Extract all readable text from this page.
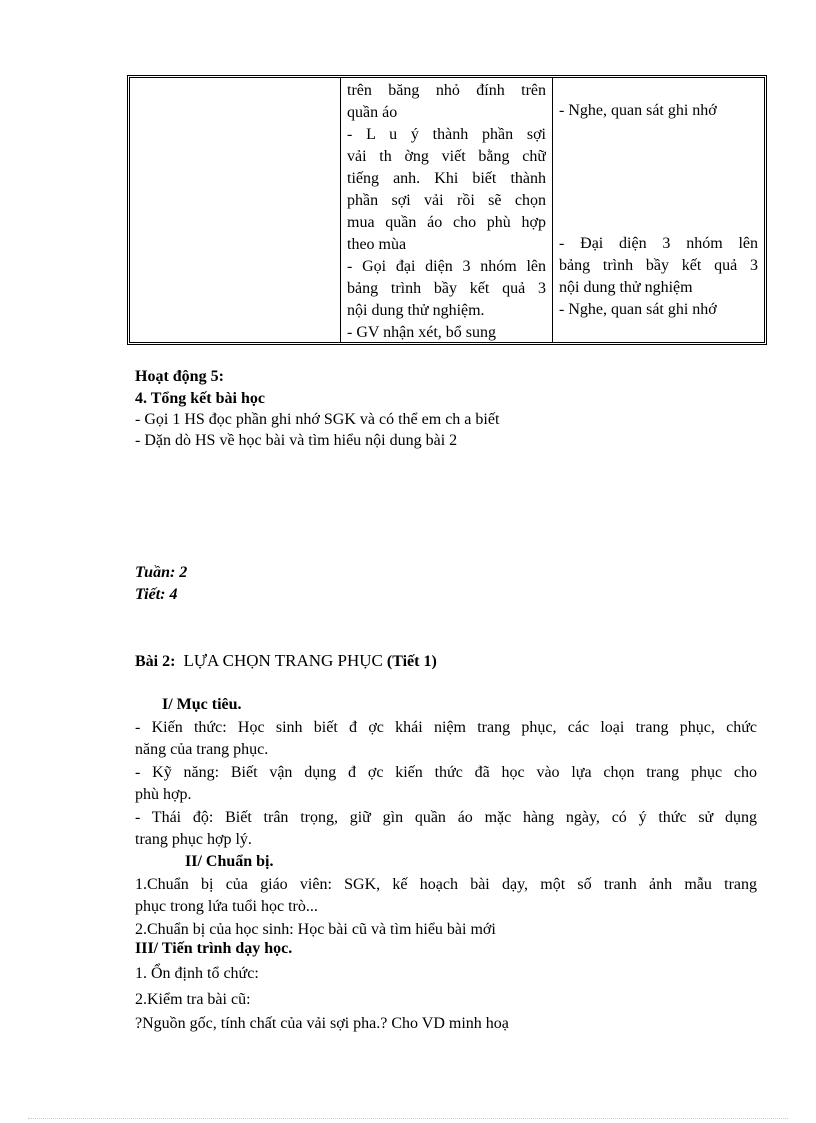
trên băng nhỏ đính trên
quần áo
- L u ý thành phần sợi
vải th ờng viết bằng chữ
tiếng anh. Khi biết thành
phần sợi vải rồi sẽ chọn
mua quần áo cho phù hợp
theo mùa
- Gọi đại diện 3 nhóm lên
bảng trình bầy kết quả 3
nội dung thử nghiệm.
- GV nhận xét, bổ sung
- Nghe, quan sát ghi nhớ
- Đại diện 3 nhóm lên
bảng trình bầy kết quả 3
nội dung thử nghiệm
- Nghe, quan sát ghi nhớ
Hoạt động 5:
4. Tổng kết bài học
- Gọi 1 HS đọc phần ghi nhớ SGK và có thể em ch a biết
- Dặn dò HS về học bài và tìm hiểu nội dung bài 2
Tuần: 2
Tiết: 4
Bài 2: LỰA CHỌN TRANG PHỤC (Tiết 1)
I/ Mục tiêu.
- Kiến thức: Học sinh biết đ ợc khái niệm trang phục, các loại trang phục, chức
năng của trang phục.
- Kỹ năng: Biết vận dụng đ ợc kiến thức đã học vào lựa chọn trang phục cho
phù hợp.
- Thái độ: Biết trân trọng, giữ gìn quần áo mặc hàng ngày, có ý thức sử dụng
trang phục hợp lý.
II/ Chuẩn bị.
1.Chuẩn bị của giáo viên: SGK, kế hoạch bài dạy, một số tranh ảnh mẫu trang
phục trong lứa tuổi học trò...
2.Chuẩn bị của học sinh: Học bài cũ và tìm hiểu bài mới
III/ Tiến trình dạy học.
1. Ổn định tổ chức:
2.Kiểm tra bài cũ:
?Nguồn gốc, tính chất của vải sợi pha.? Cho VD minh hoạ
